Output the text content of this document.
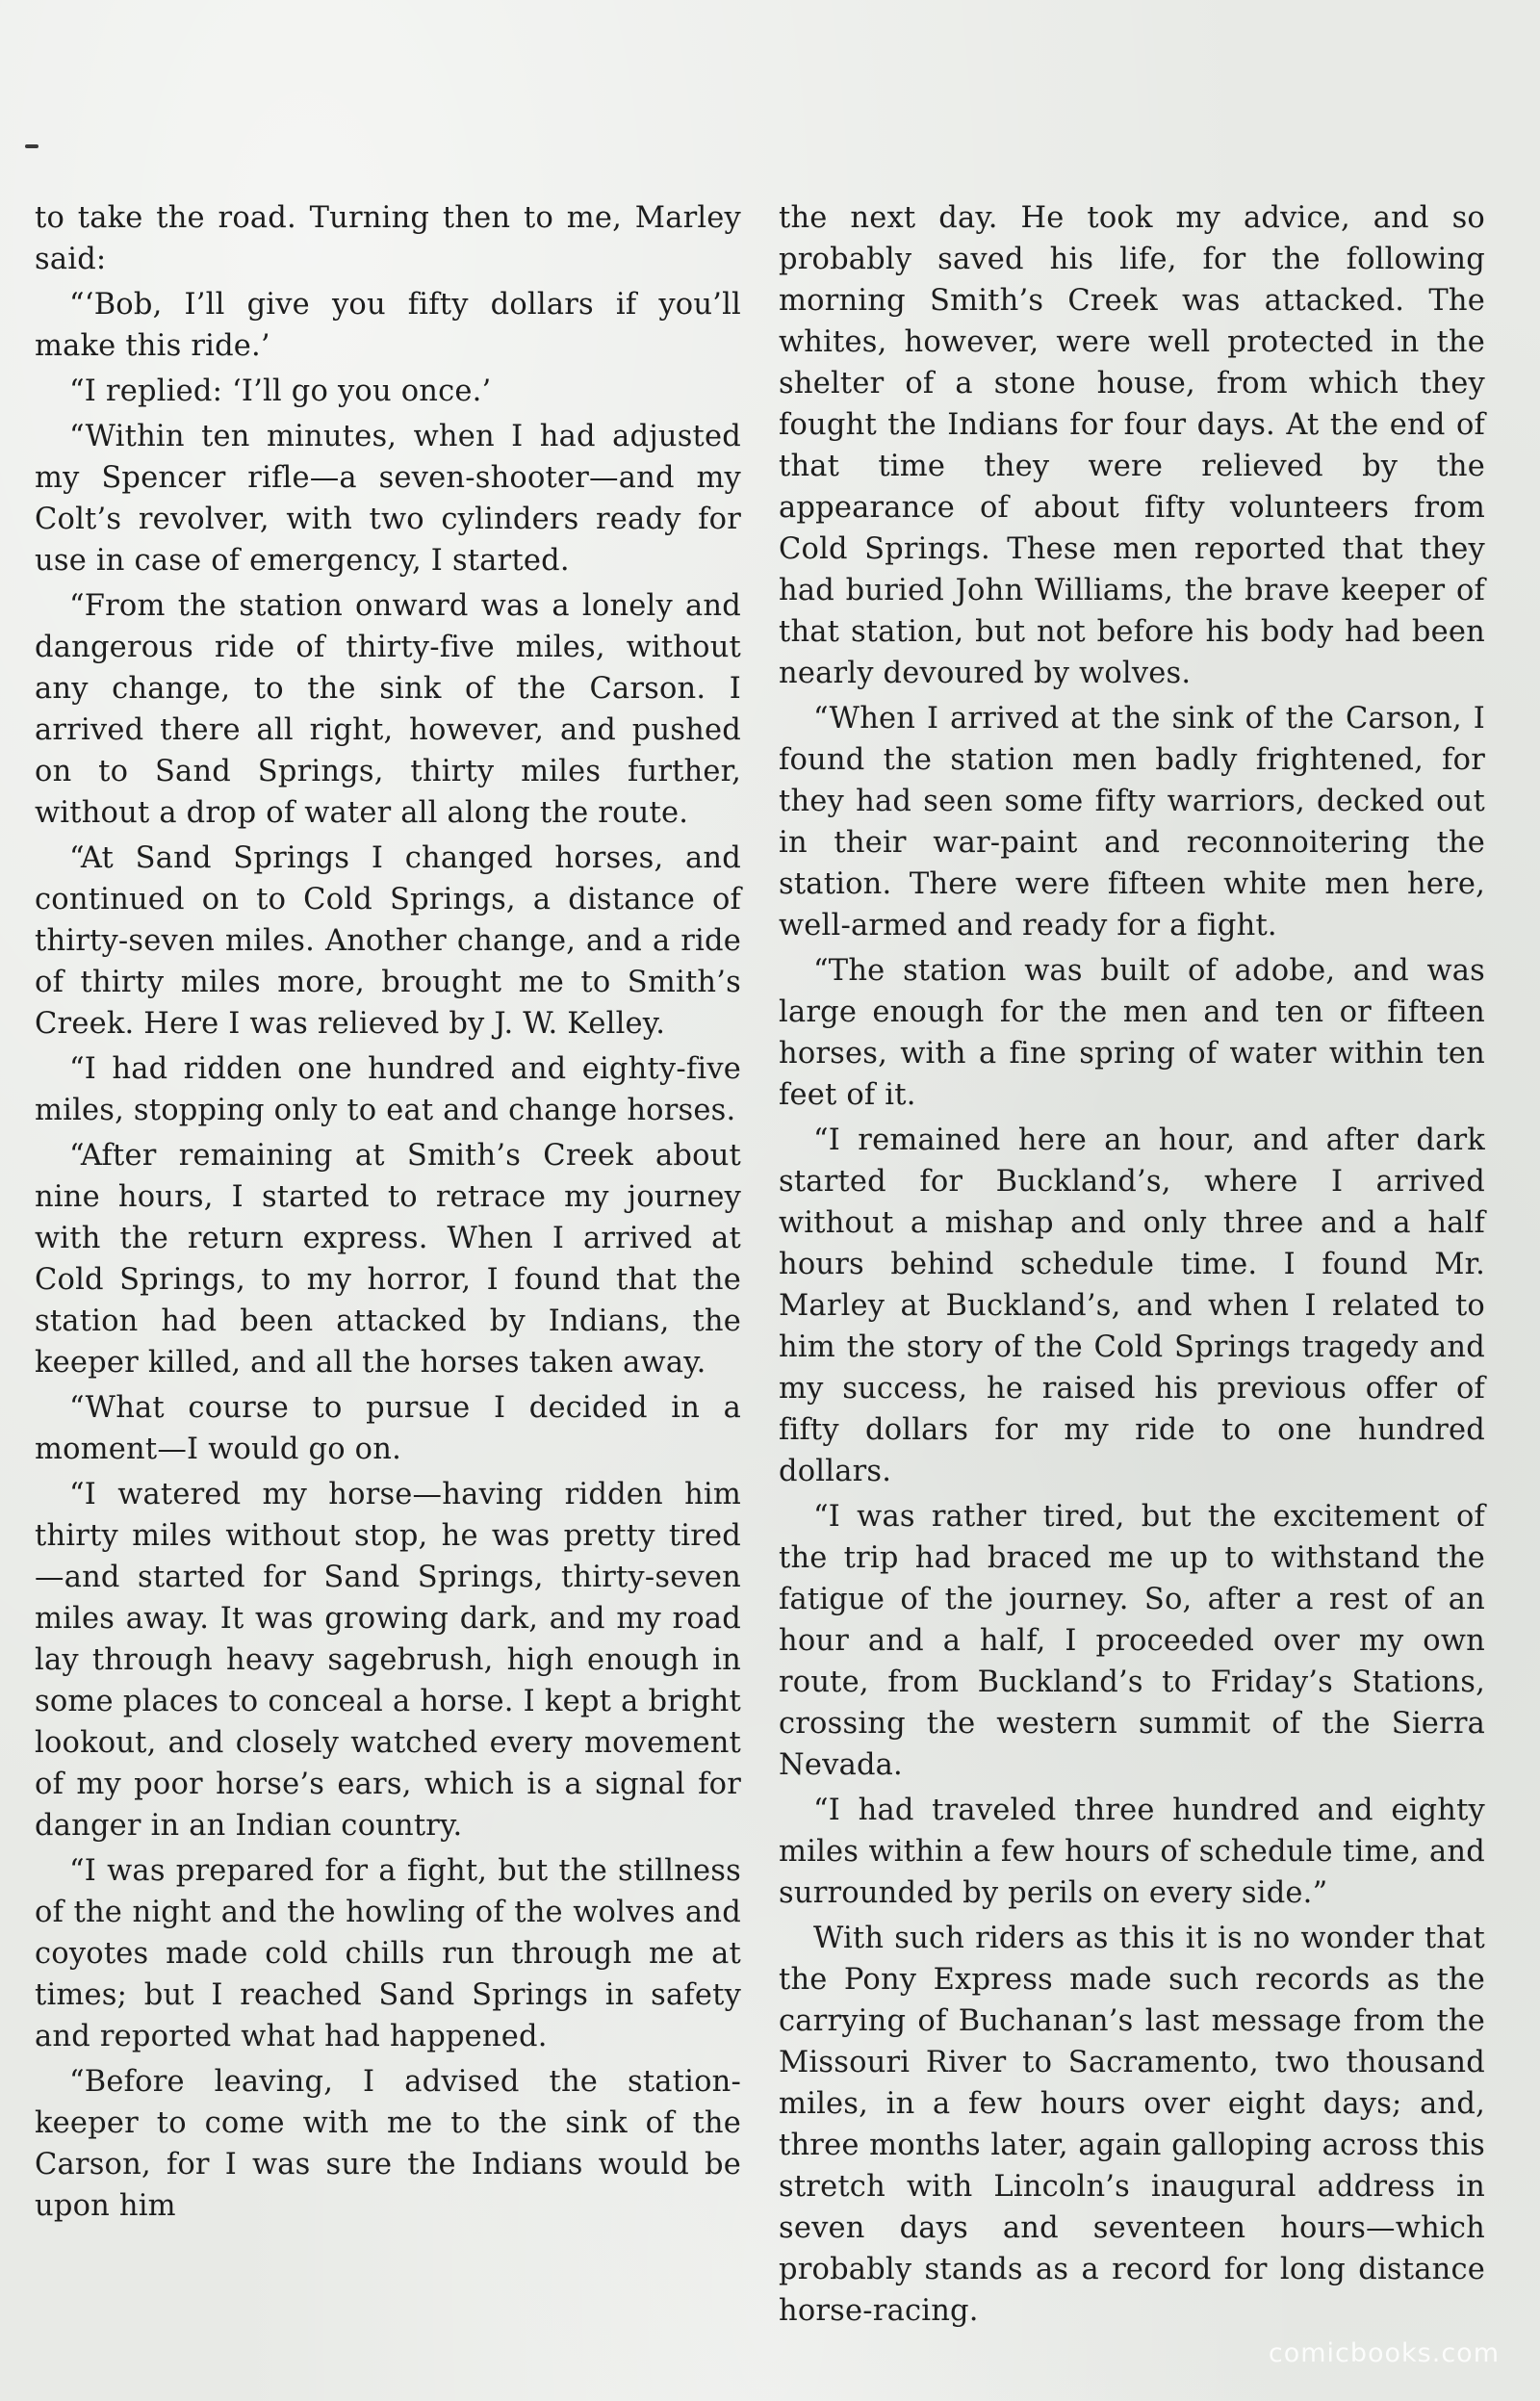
to take the road. Turning then to me, Marley said:

“‘Bob, I’ll give you fifty dollars if you’ll make this ride.’

“I replied: ‘I’ll go you once.’

“Within ten minutes, when I had adjusted my Spencer rifle—a seven-shooter—and my Colt’s revolver, with two cylinders ready for use in case of emergency, I started.

“From the station onward was a lonely and dangerous ride of thirty-five miles, without any change, to the sink of the Carson. I arrived there all right, however, and pushed on to Sand Springs, thirty miles further, without a drop of water all along the route.

“At Sand Springs I changed horses, and continued on to Cold Springs, a distance of thirty-seven miles. Another change, and a ride of thirty miles more, brought me to Smith’s Creek. Here I was relieved by J. W. Kelley.

“I had ridden one hundred and eighty-five miles, stopping only to eat and change horses.

“After remaining at Smith’s Creek about nine hours, I started to retrace my journey with the return express. When I arrived at Cold Springs, to my horror, I found that the station had been attacked by Indians, the keeper killed, and all the horses taken away.

“What course to pursue I decided in a moment—I would go on.

“I watered my horse—having ridden him thirty miles without stop, he was pretty tired—and started for Sand Springs, thirty-seven miles away. It was growing dark, and my road lay through heavy sagebrush, high enough in some places to conceal a horse. I kept a bright lookout, and closely watched every movement of my poor horse’s ears, which is a signal for danger in an Indian country.

“I was prepared for a fight, but the stillness of the night and the howling of the wolves and coyotes made cold chills run through me at times; but I reached Sand Springs in safety and reported what had happened.

“Before leaving, I advised the station-keeper to come with me to the sink of the Carson, for I was sure the Indians would be upon him

the next day. He took my advice, and so probably saved his life, for the following morning Smith’s Creek was attacked. The whites, however, were well protected in the shelter of a stone house, from which they fought the Indians for four days. At the end of that time they were relieved by the appearance of about fifty volunteers from Cold Springs. These men reported that they had buried John Williams, the brave keeper of that station, but not before his body had been nearly devoured by wolves.

“When I arrived at the sink of the Carson, I found the station men badly frightened, for they had seen some fifty warriors, decked out in their war-paint and reconnoitering the station. There were fifteen white men here, well-armed and ready for a fight.

“The station was built of adobe, and was large enough for the men and ten or fifteen horses, with a fine spring of water within ten feet of it.

“I remained here an hour, and after dark started for Buckland’s, where I arrived without a mishap and only three and a half hours behind schedule time. I found Mr. Marley at Buckland’s, and when I related to him the story of the Cold Springs tragedy and my success, he raised his previous offer of fifty dollars for my ride to one hundred dollars.

“I was rather tired, but the excitement of the trip had braced me up to withstand the fatigue of the journey. So, after a rest of an hour and a half, I proceeded over my own route, from Buckland’s to Friday’s Stations, crossing the western summit of the Sierra Nevada.

“I had traveled three hundred and eighty miles within a few hours of schedule time, and surrounded by perils on every side.”

With such riders as this it is no wonder that the Pony Express made such records as the carrying of Buchanan’s last message from the Missouri River to Sacramento, two thousand miles, in a few hours over eight days; and, three months later, again galloping across this stretch with Lincoln’s inaugural address in seven days and seventeen hours—which probably stands as a record for long distance horse-racing.

comicbooks.com
